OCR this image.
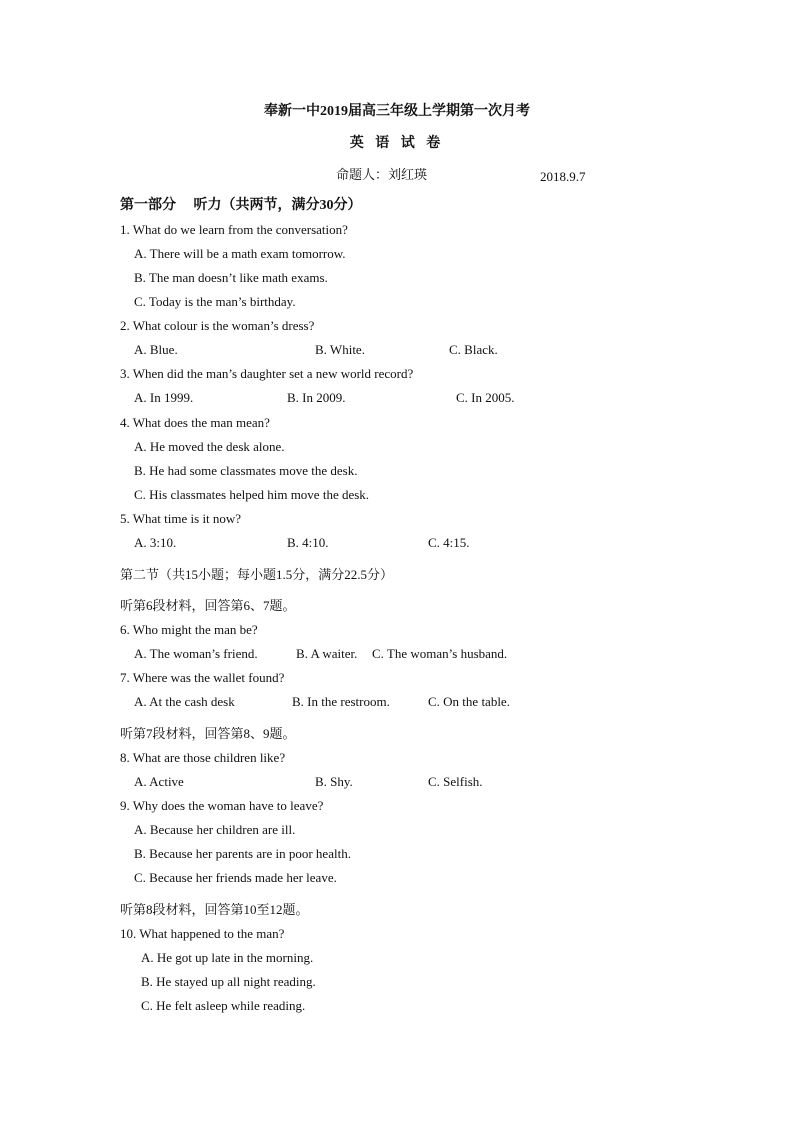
奉新一中2019届高三年级上学期第一次月考
英 语 试 卷
命题人：刘红瑛	2018.9.7
第一部分　 听力（共两节，满分30分）
1. What do we learn from the conversation?
A. There will be a math exam tomorrow.
B. The man doesn’t like math exams.
C. Today is the man’s birthday.
2. What colour is the woman’s dress?
A. Blue.	B. White.	C. Black.
3. When did the man’s daughter set a new world record?
A. In 1999.	B. In 2009.	C. In 2005.
4. What does the man mean?
A. He moved the desk alone.
B. He had some classmates move the desk.
C. His classmates helped him move the desk.
5. What time is it now?
A. 3:10.	B. 4:10.	C. 4:15.
第二节（共15小题；每小题1.5分，满分22.5分）
听第6段材料，回答第6、7题。
6. Who might the man be?
A. The woman’s friend.	B. A waiter. C. The woman’s husband.
7. Where was the wallet found?
A. At the cash desk	B. In the restroom.	C. On the table.
听第7段材料，回答第8、9题。
8. What are those children like?
A. Active	B. Shy.	C. Selfish.
9. Why does the woman have to leave?
A. Because her children are ill.
B. Because her parents are in poor health.
C. Because her friends made her leave.
听第8段材料，回答第10至12题。
10. What happened to the man?
A. He got up late in the morning.
B. He stayed up all night reading.
C. He felt asleep while reading.
